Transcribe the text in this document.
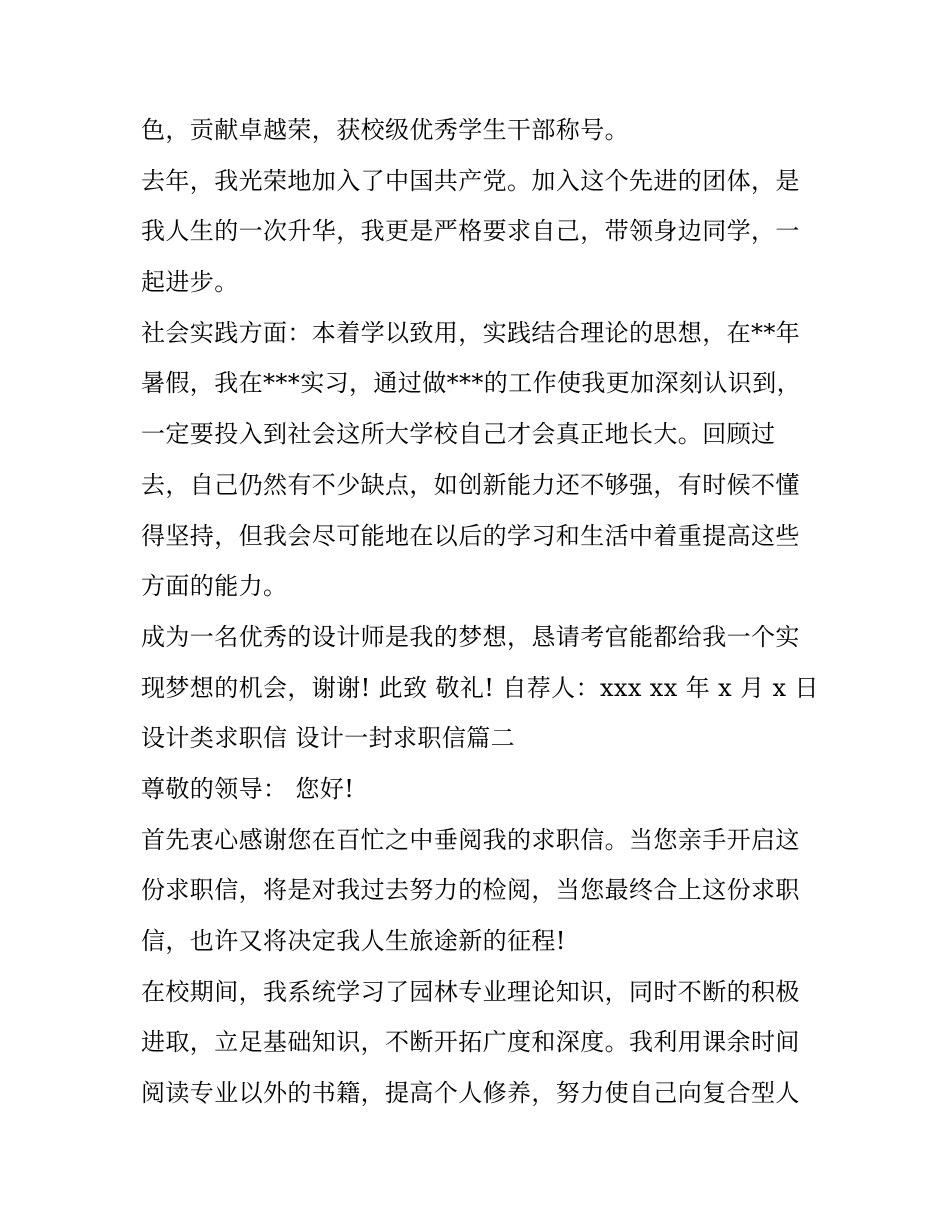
色，贡献卓越荣，获校级优秀学生干部称号。
去年，我光荣地加入了中国共产党。加入这个先进的团体，是
我人生的一次升华，我更是严格要求自己，带领身边同学，一
起进步。
社会实践方面：本着学以致用，实践结合理论的思想，在**年
暑假，我在***实习，通过做***的工作使我更加深刻认识到，
一定要投入到社会这所大学校自己才会真正地长大。回顾过
去，自己仍然有不少缺点，如创新能力还不够强，有时候不懂
得坚持，但我会尽可能地在以后的学习和生活中着重提高这些
方面的能力。
成为一名优秀的设计师是我的梦想，恳请考官能都给我一个实
现梦想的机会，谢谢! 此致 敬礼! 自荐人：xxx xx 年 x 月 x 日
设计类求职信 设计一封求职信篇二
尊敬的领导： 您好!
首先衷心感谢您在百忙之中垂阅我的求职信。当您亲手开启这
份求职信，将是对我过去努力的检阅，当您最终合上这份求职
信，也许又将决定我人生旅途新的征程!
在校期间，我系统学习了园林专业理论知识，同时不断的积极
进取，立足基础知识，不断开拓广度和深度。我利用课余时间
阅读专业以外的书籍，提高个人修养，努力使自己向复合型人
